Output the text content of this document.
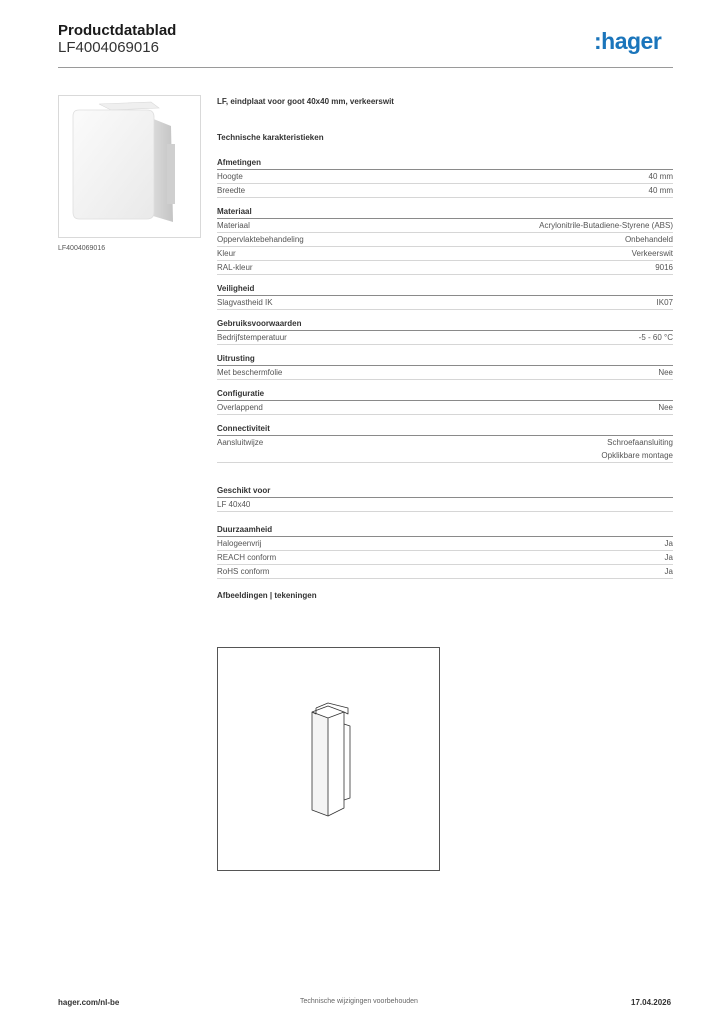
Productdatablad
LF4004069016	:hager
LF4004069016
LF, eindplaat voor goot 40x40 mm, verkeerswit
Technische karakteristieken
Afmetingen
Hoogte	40 mm
Breedte	40 mm
Materiaal
Materiaal	Acrylonitrile-Butadiene-Styrene (ABS)
Oppervlaktebehandeling	Onbehandeld
Kleur	Verkeerswit
RAL-kleur	9016
Veiligheid
Slagvastheid IK	IK07
Gebruiksvoorwaarden
Bedrijfstemperatuur	-5 - 60 °C
Uitrusting
Met beschermfolie	Nee
Configuratie
Overlappend	Nee
Connectiviteit
Aansluitwijze	Schroefaansluiting
Opklikbare montage
Geschikt voor
LF 40x40
Duurzaamheid
Halogeenvrij	Ja
REACH conform	Ja
RoHS conform	Ja
Afbeeldingen | tekeningen
hager.com/nl-be	Technische wijzigingen voorbehouden	17.04.2026
